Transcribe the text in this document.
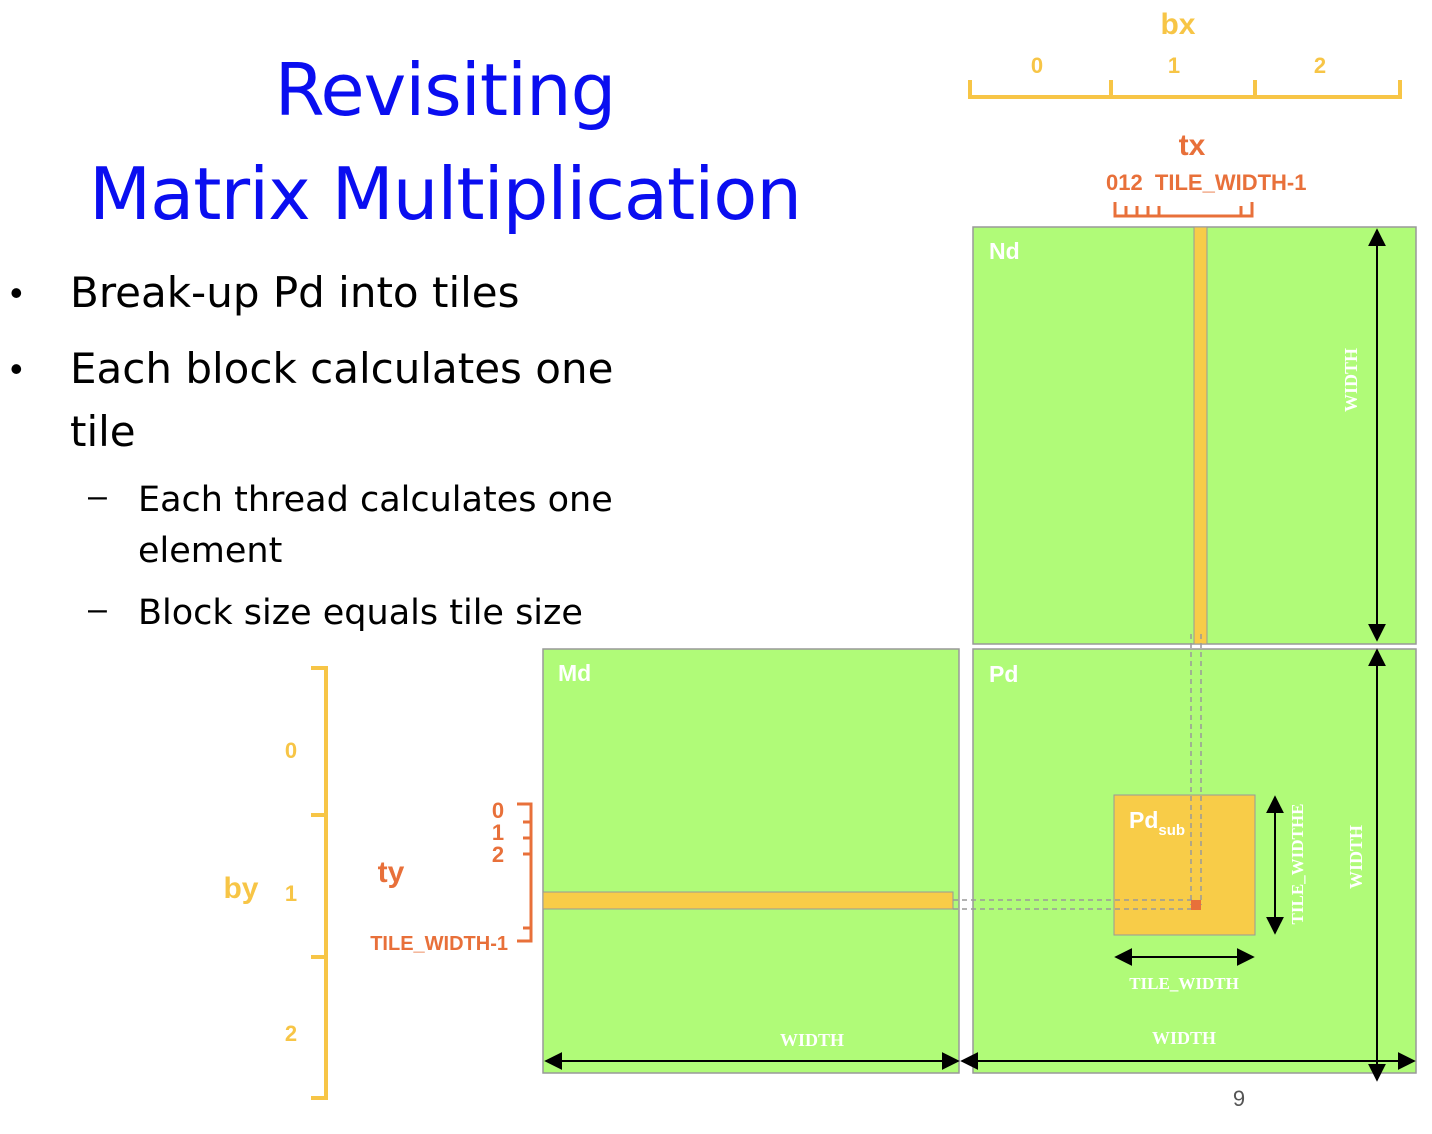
Revisiting
Matrix Multiplication
• Break-up Pd into tiles
• Each block calculates one
tile
– Each thread calculates one
element
– Block size equals tile size
bx
0	1	2
tx
012  TILE_WIDTH-1
Nd
WIDTH
Md
WIDTH
Pd
WIDTH
WIDTH
$Pd_{sub}$
TILE_WIDTH
TILE_WIDTHE
0
1
2
by
0
1
2
ty
TILE_WIDTH-1
9
